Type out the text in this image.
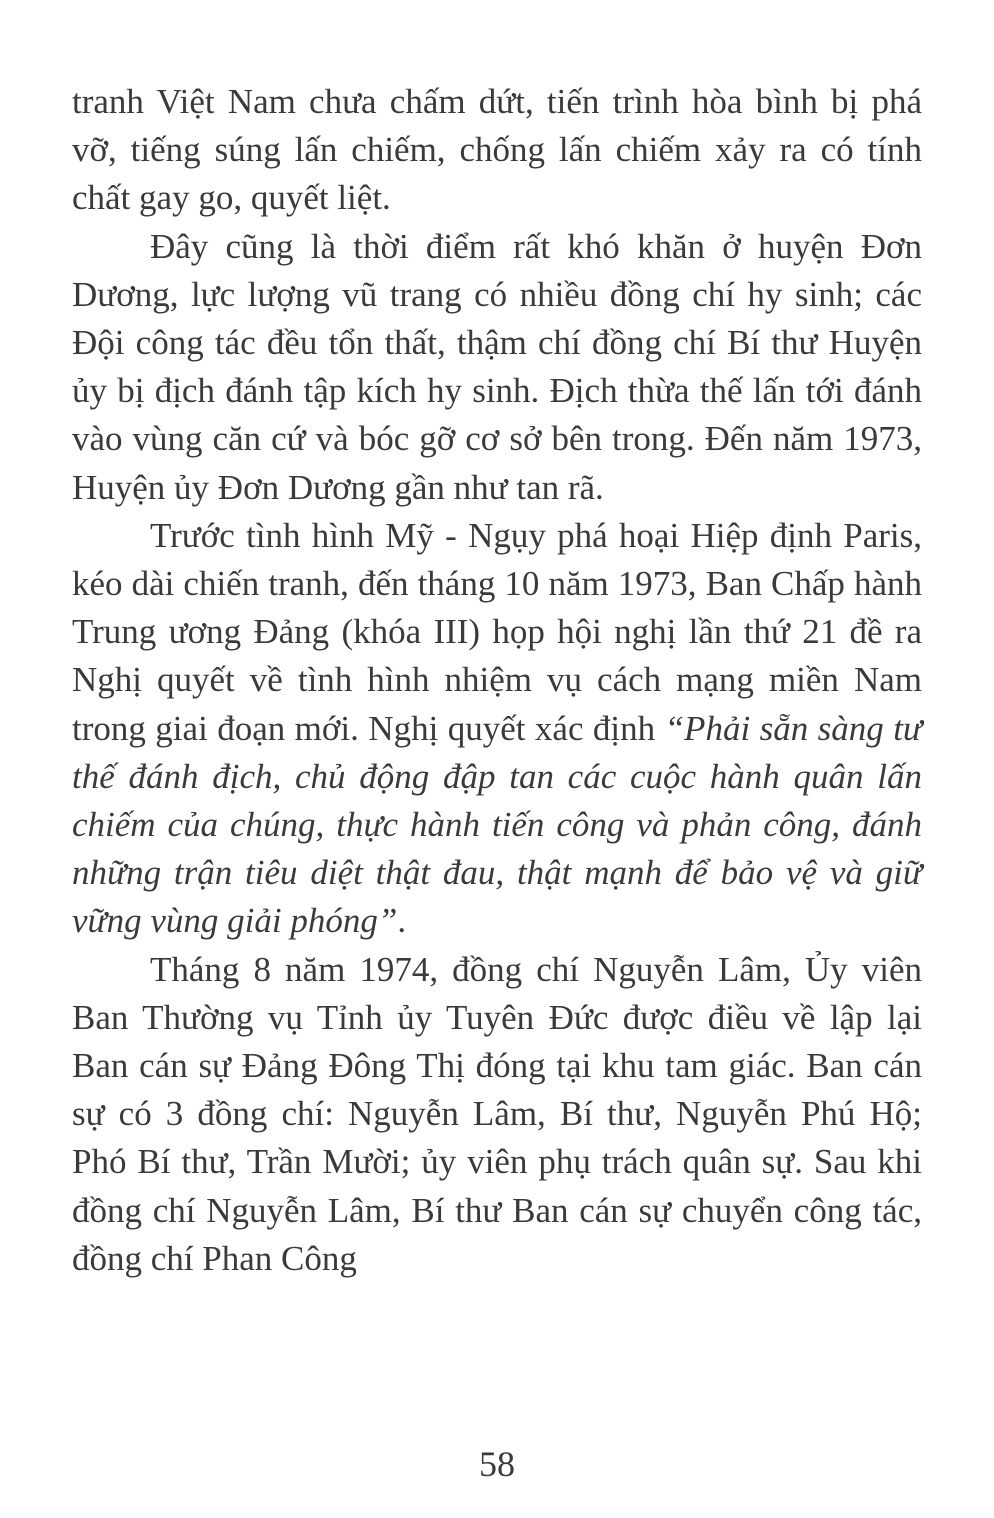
tranh Việt Nam chưa chấm dứt, tiến trình hòa bình bị phá vỡ, tiếng súng lấn chiếm, chống lấn chiếm xảy ra có tính chất gay go, quyết liệt.

Đây cũng là thời điểm rất khó khăn ở huyện Đơn Dương, lực lượng vũ trang có nhiều đồng chí hy sinh; các Đội công tác đều tổn thất, thậm chí đồng chí Bí thư Huyện ủy bị địch đánh tập kích hy sinh. Địch thừa thế lấn tới đánh vào vùng căn cứ và bóc gỡ cơ sở bên trong. Đến năm 1973, Huyện ủy Đơn Dương gần như tan rã.

Trước tình hình Mỹ - Ngụy phá hoại Hiệp định Paris, kéo dài chiến tranh, đến tháng 10 năm 1973, Ban Chấp hành Trung ương Đảng (khóa III) họp hội nghị lần thứ 21 đề ra Nghị quyết về tình hình nhiệm vụ cách mạng miền Nam trong giai đoạn mới. Nghị quyết xác định “Phải sẵn sàng tư thế đánh địch, chủ động đập tan các cuộc hành quân lấn chiếm của chúng, thực hành tiến công và phản công, đánh những trận tiêu diệt thật đau, thật mạnh để bảo vệ và giữ vững vùng giải phóng”.

Tháng 8 năm 1974, đồng chí Nguyễn Lâm, Ủy viên Ban Thường vụ Tỉnh ủy Tuyên Đức được điều về lập lại Ban cán sự Đảng Đông Thị đóng tại khu tam giác. Ban cán sự có 3 đồng chí: Nguyễn Lâm, Bí thư, Nguyễn Phú Hộ; Phó Bí thư, Trần Mười; ủy viên phụ trách quân sự. Sau khi đồng chí Nguyễn Lâm, Bí thư Ban cán sự chuyển công tác, đồng chí Phan Công

58
